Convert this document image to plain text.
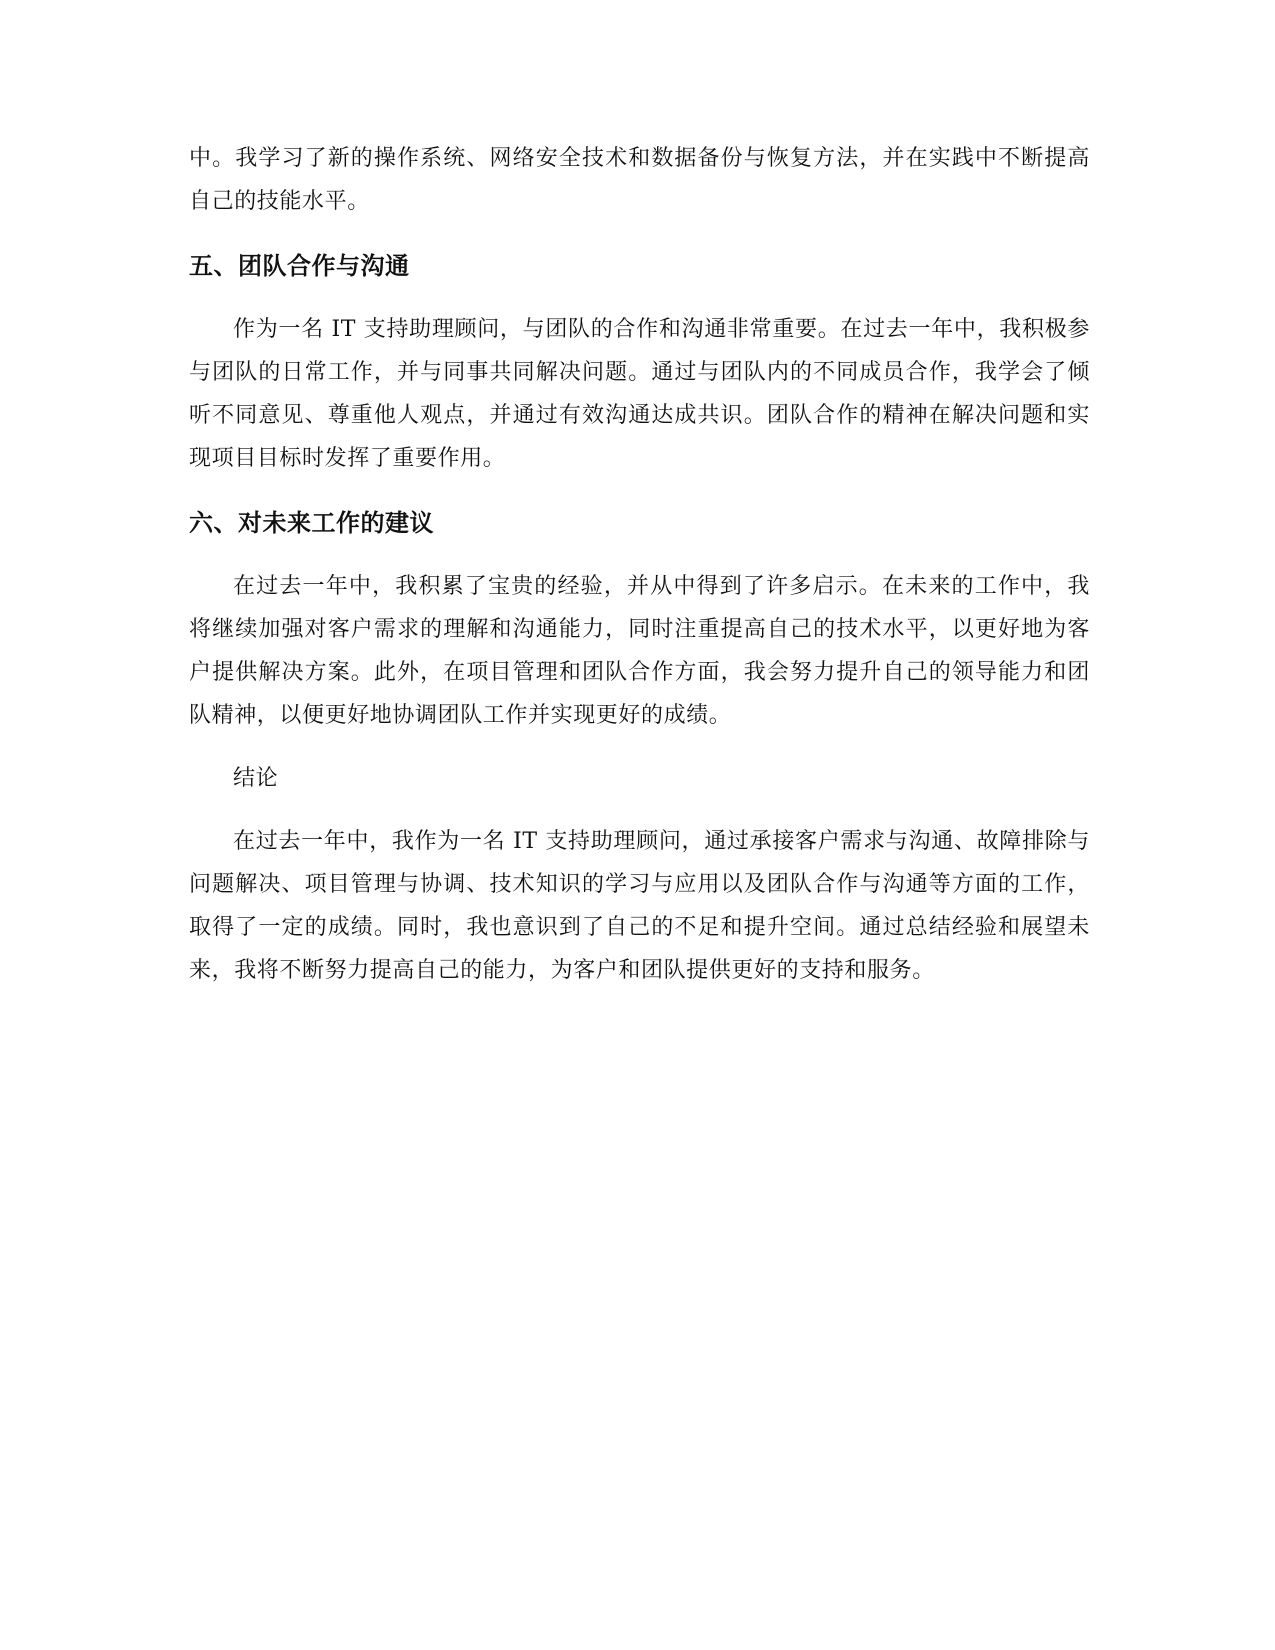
中。我学习了新的操作系统、网络安全技术和数据备份与恢复方法，并在实践中不断提高自己的技能水平。

五、团队合作与沟通

作为一名 IT 支持助理顾问，与团队的合作和沟通非常重要。在过去一年中，我积极参与团队的日常工作，并与同事共同解决问题。通过与团队内的不同成员合作，我学会了倾听不同意见、尊重他人观点，并通过有效沟通达成共识。团队合作的精神在解决问题和实现项目目标时发挥了重要作用。

六、对未来工作的建议

在过去一年中，我积累了宝贵的经验，并从中得到了许多启示。在未来的工作中，我将继续加强对客户需求的理解和沟通能力，同时注重提高自己的技术水平，以更好地为客户提供解决方案。此外，在项目管理和团队合作方面，我会努力提升自己的领导能力和团队精神，以便更好地协调团队工作并实现更好的成绩。

结论

在过去一年中，我作为一名 IT 支持助理顾问，通过承接客户需求与沟通、故障排除与问题解决、项目管理与协调、技术知识的学习与应用以及团队合作与沟通等方面的工作，取得了一定的成绩。同时，我也意识到了自己的不足和提升空间。通过总结经验和展望未来，我将不断努力提高自己的能力，为客户和团队提供更好的支持和服务。
